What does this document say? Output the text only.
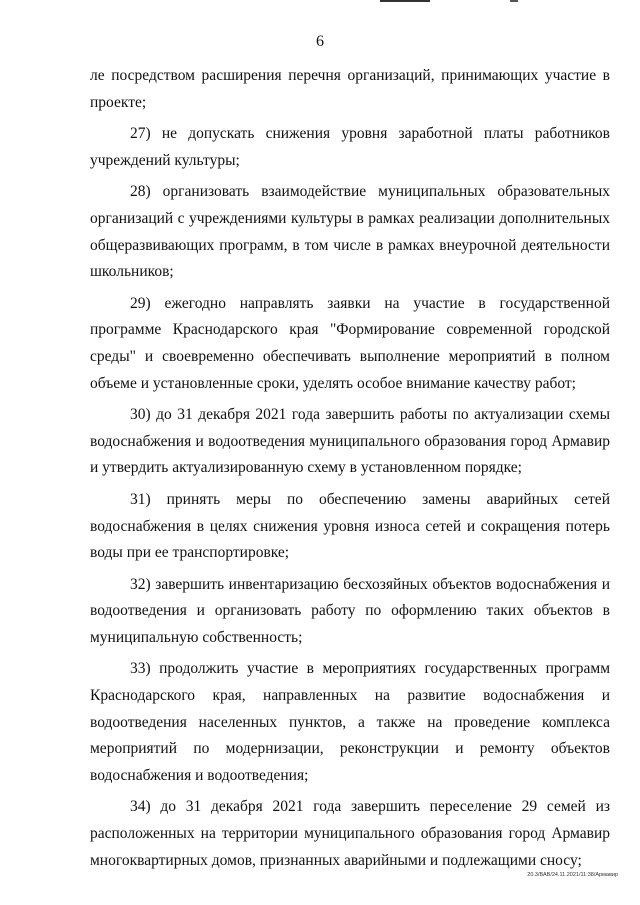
6

ле посредством расширения перечня организаций, принимающих участие в проекте;

27) не допускать снижения уровня заработной платы работников учреждений культуры;

28) организовать взаимодействие муниципальных образовательных организаций с учреждениями культуры в рамках реализации дополнительных общеразвивающих программ, в том числе в рамках внеурочной деятельности школьников;

29) ежегодно направлять заявки на участие в государственной программе Краснодарского края "Формирование современной городской среды" и своевременно обеспечивать выполнение мероприятий в полном объеме и установленные сроки, уделять особое внимание качеству работ;

30) до 31 декабря 2021 года завершить работы по актуализации схемы водоснабжения и водоотведения муниципального образования город Армавир и утвердить актуализированную схему в установленном порядке;

31) принять меры по обеспечению замены аварийных сетей водоснабжения в целях снижения уровня износа сетей и сокращения потерь воды при ее транспортировке;

32) завершить инвентаризацию бесхозяйных объектов водоснабжения и водоотведения и организовать работу по оформлению таких объектов в муниципальную собственность;

33) продолжить участие в мероприятиях государственных программ Краснодарского края, направленных на развитие водоснабжения и водоотведения населенных пунктов, а также на проведение комплекса мероприятий по модернизации, реконструкции и ремонту объектов водоснабжения и водоотведения;

34) до 31 декабря 2021 года завершить переселение 29 семей из расположенных на территории муниципального образования город Армавир многоквартирных домов, признанных аварийными и подлежащими сносу;

20.3/ВАВ/24.11.2021/11:38/Армавир
